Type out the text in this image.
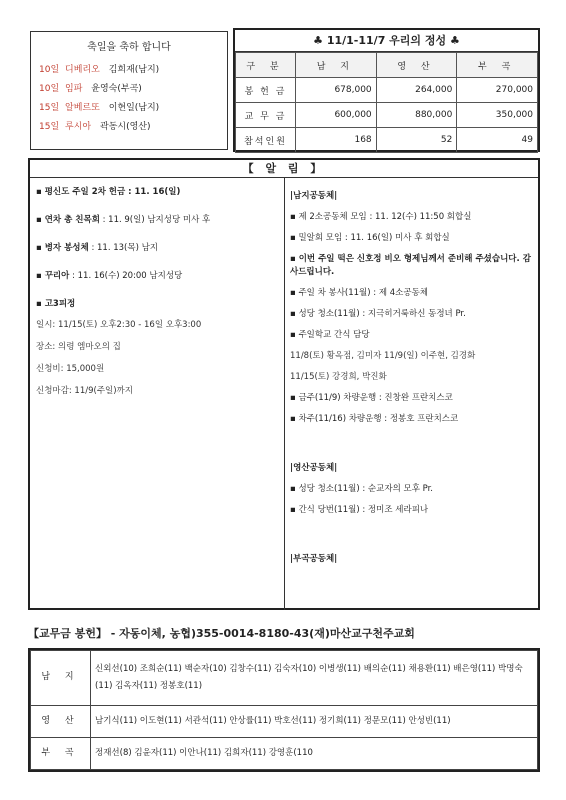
축일을 축하 합니다
10일 디베리오 김희재(남지)
10일 임파 윤영숙(부곡)
15일 알베르또 이현일(남지)
15일 루시아 곽동시(영산)
♣ 11/1-11/7 우리의 정성 ♣
구 분	남 지	영 산	부 곡
봉 헌 금	678,000	264,000	270,000
교 무 금	600,000	880,000	350,000
참석인원	168	52	49
【 알 림 】
▪ 평신도 주일 2차 헌금 : 11. 16(일)
▪ 연차 총 친목회 : 11. 9(일) 남지성당 미사 후
▪ 병자 봉성체 : 11. 13(목) 남지
▪ 꾸리아 : 11. 16(수) 20:00 남지성당
▪ 고3피정
일시: 11/15(토) 오후2:30 - 16일 오후3:00
장소: 의령 엠마오의 집
신청비: 15,000원
신청마감: 11/9(주일)까지
|남지공동체|
▪ 제 2소공동체 모임 : 11. 12(수) 11:50 회합실
▪ 밀알회 모임 : 11. 16(일) 미사 후 회합실
▪ 이번 주일 떡은 신호정 비오 형제님께서 준비해 주셨습니다. 감사드립니다.
▪ 주일 차 봉사(11월) : 제 4소공동체
▪ 성당 청소(11월) : 지극히거룩하신 동정녀 Pr.
▪ 주일학교 간식 담당
11/8(토) 황옥점, 김미자 11/9(일) 이주현, 김경화
11/15(토) 강경희, 박진화
▪ 금주(11/9) 차량운행 : 진창완 프란치스코
▪ 차주(11/16) 차량운행 : 정봉호 프란치스코
|영산공동체|
▪ 성당 청소(11월) : 순교자의 모후 Pr.
▪ 간식 당번(11월) : 정미조 세라피나
|부곡공동체|
【교무금 봉헌】 - 자동이체, 농협)355-0014-8180-43(재)마산교구천주교회
남 지	신외선(10) 조희순(11) 백순자(10) 김창수(11) 김숙자(10) 이병생(11) 배의순(11) 채용환(11) 배은영(11) 박명숙(11) 김옥자(11) 정봉호(11)
영 산	남기식(11) 이도현(11) 서관석(11) 안상률(11) 박호선(11) 정기희(11) 정문모(11) 안성빈(11)
부 곡	정재선(8) 김윤자(11) 이안나(11) 김희자(11) 강영훈(110
